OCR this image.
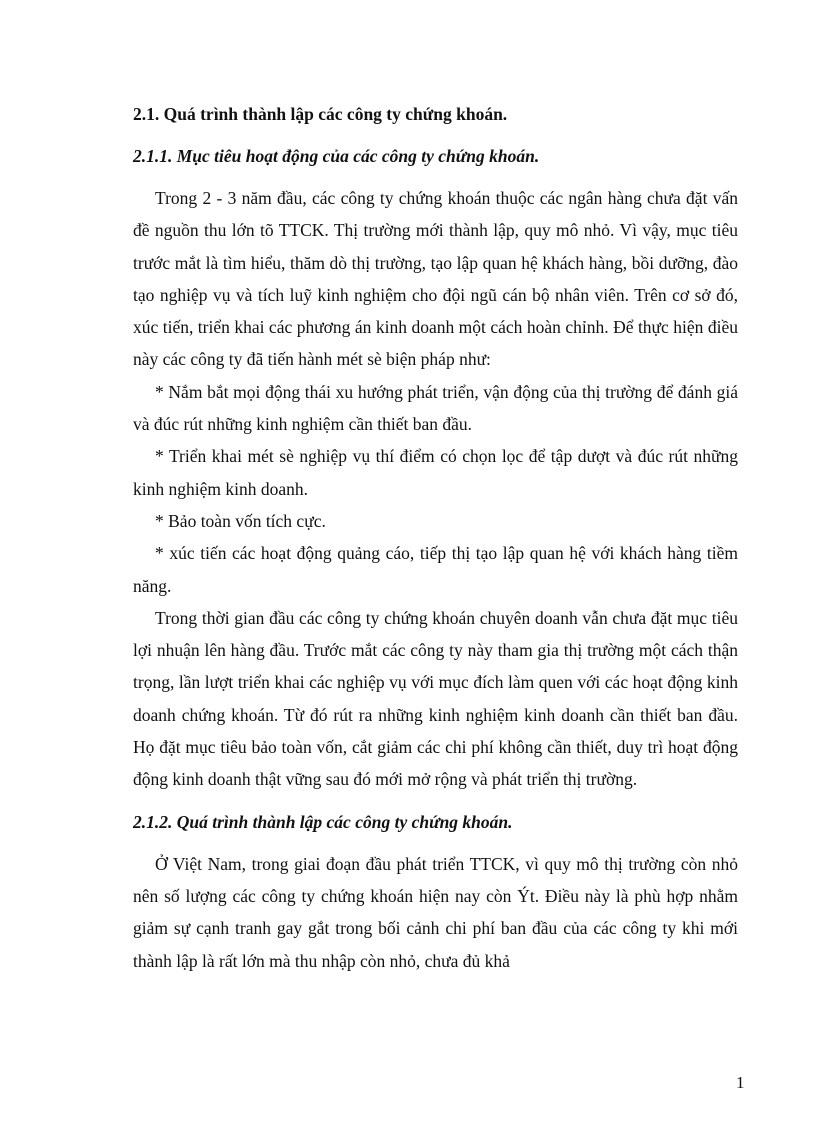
2.1. Quá trình thành lập các công ty chứng khoán.
2.1.1. Mục tiêu hoạt động của các công ty chứng khoán.

Trong 2 - 3 năm đầu, các công ty chứng khoán thuộc các ngân hàng chưa đặt vấn đề nguồn thu lớn tõ TTCK. Thị trường mới thành lập, quy mô nhỏ. Vì vậy, mục tiêu trước mắt là tìm hiểu, thăm dò thị trường, tạo lập quan hệ khách hàng, bồi dưỡng, đào tạo nghiệp vụ và tích luỹ kinh nghiệm cho đội ngũ cán bộ nhân viên. Trên cơ sở đó, xúc tiến, triển khai các phương án kinh doanh một cách hoàn chỉnh. Để thực hiện điều này các công ty đã tiến hành mét sè biện pháp như:

* Nắm bắt mọi động thái xu hướng phát triển, vận động của thị trường để đánh giá và đúc rút những kinh nghiệm cần thiết ban đầu.

* Triển khai mét sè nghiệp vụ thí điểm có chọn lọc để tập dượt và đúc rút những kinh nghiệm kinh doanh.

* Bảo toàn vốn tích cực.

* xúc tiến các hoạt động quảng cáo, tiếp thị tạo lập quan hệ với khách hàng tiềm năng.

Trong thời gian đầu các công ty chứng khoán chuyên doanh vẫn chưa đặt mục tiêu lợi nhuận lên hàng đầu. Trước mắt các công ty này tham gia thị trường một cách thận trọng, lần lượt triển khai các nghiệp vụ với mục đích làm quen với các hoạt động kinh doanh chứng khoán. Từ đó rút ra những kinh nghiệm kinh doanh cần thiết ban đầu. Họ đặt mục tiêu bảo toàn vốn, cắt giảm các chi phí không cần thiết, duy trì hoạt động động kinh doanh thật vững sau đó mới mở rộng và phát triển thị trường.

2.1.2. Quá trình thành lập các công ty chứng khoán.

Ở Việt Nam, trong giai đoạn đầu phát triển TTCK, vì quy mô thị trường còn nhỏ nên số lượng các công ty chứng khoán hiện nay còn Ýt. Điều này là phù hợp nhằm giảm sự cạnh tranh gay gắt trong bối cảnh chi phí ban đầu của các công ty khi mới thành lập là rất lớn mà thu nhập còn nhỏ, chưa đủ khả

1
